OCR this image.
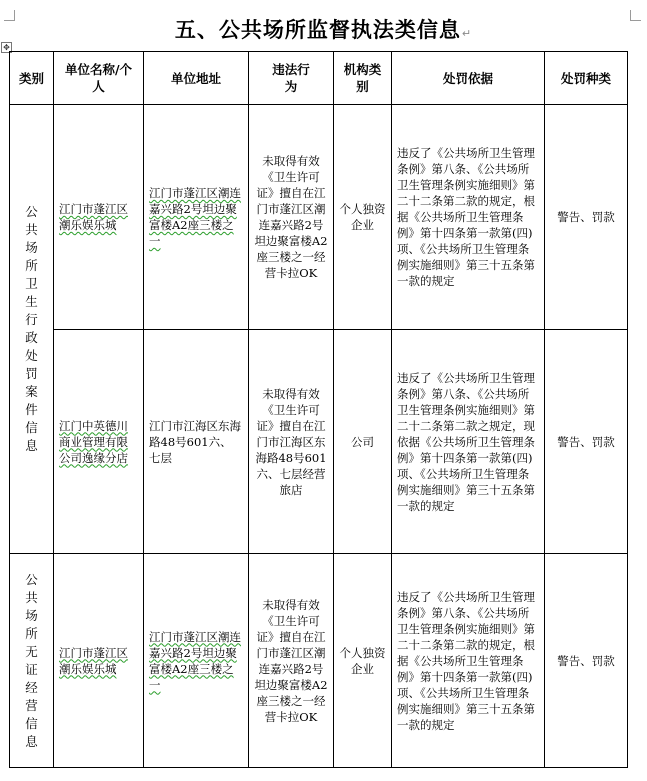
✥
五、公共场所监督执法类信息↵
类别	单位名称/个人	单位地址	违法行为	机构类别	处罚依据	处罚种类

公共场所卫生行政处罚案件信息	江门市蓬江区潮乐娱乐城	江门市蓬江区潮连嘉兴路2号坦边聚富楼A2座三楼之一	未取得有效《卫生许可证》擅自在江门市蓬江区潮连嘉兴路2号坦边聚富楼A2座三楼之一经营卡拉OK	个人独资企业	违反了《公共场所卫生管理条例》第八条、《公共场所卫生管理条例实施细则》第二十二条第二款的规定，根据《公共场所卫生管理条例》第十四条第一款第(四)项、《公共场所卫生管理条例实施细则》第三十五条第一款的规定	警告、罚款

	江门中英德川商业管理有限公司逸缘分店	江门市江海区东海路48号601六、七层	未取得有效《卫生许可证》擅自在江门市江海区东海路48号601六、七层经营旅店	公司	违反了《公共场所卫生管理条例》第八条、《公共场所卫生管理条例实施细则》第二十二条第二款之规定，现依据《公共场所卫生管理条例》第十四条第一款第(四)项、《公共场所卫生管理条例实施细则》第三十五条第一款的规定	警告、罚款

公共场所无证经营信息	江门市蓬江区潮乐娱乐城	江门市蓬江区潮连嘉兴路2号坦边聚富楼A2座三楼之一	未取得有效《卫生许可证》擅自在江门市蓬江区潮连嘉兴路2号坦边聚富楼A2座三楼之一经营卡拉OK	个人独资企业	违反了《公共场所卫生管理条例》第八条、《公共场所卫生管理条例实施细则》第二十二条第二款的规定，根据《公共场所卫生管理条例》第十四条第一款第(四)项、《公共场所卫生管理条例实施细则》第三十五条第一款的规定	警告、罚款
